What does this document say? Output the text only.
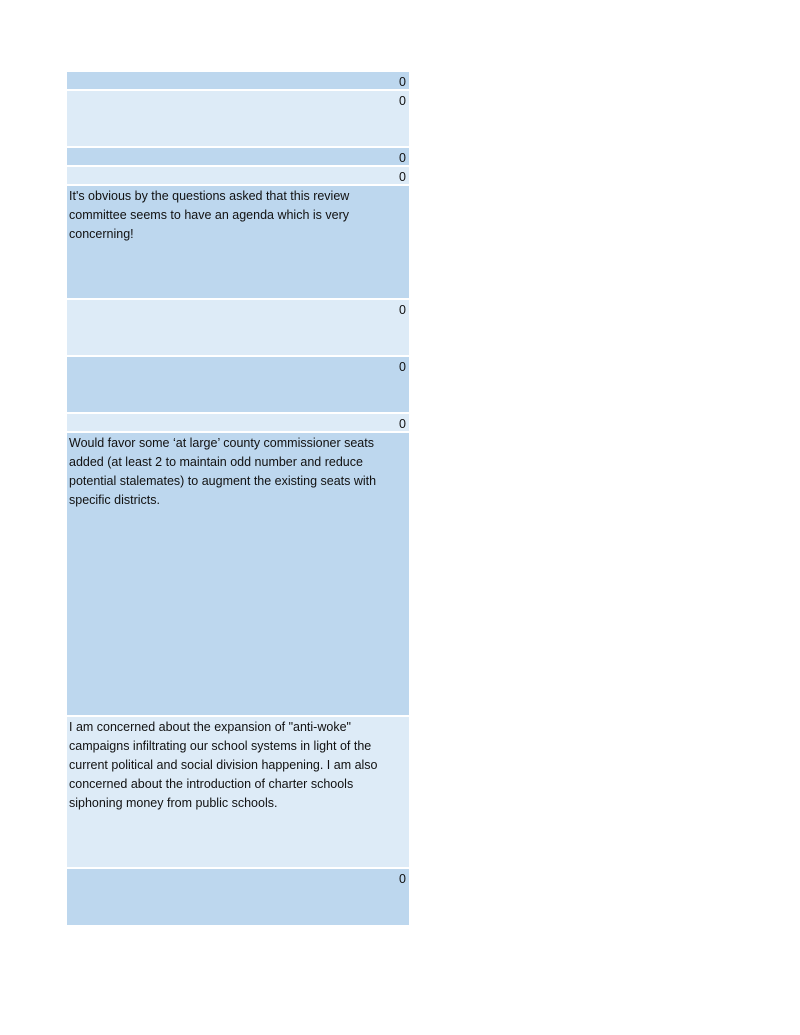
0
0
0
0
It's obvious by the questions asked that this review committee seems to have an agenda which is very concerning!
0
0
0
Would favor some ‘at large’ county commissioner seats added (at least 2 to maintain odd number and reduce potential stalemates) to augment the existing seats with specific districts.
I am concerned about the expansion of "anti-woke" campaigns infiltrating our school systems in light of the current political and social division happening. I am also concerned about the introduction of charter schools siphoning money from public schools.
0
